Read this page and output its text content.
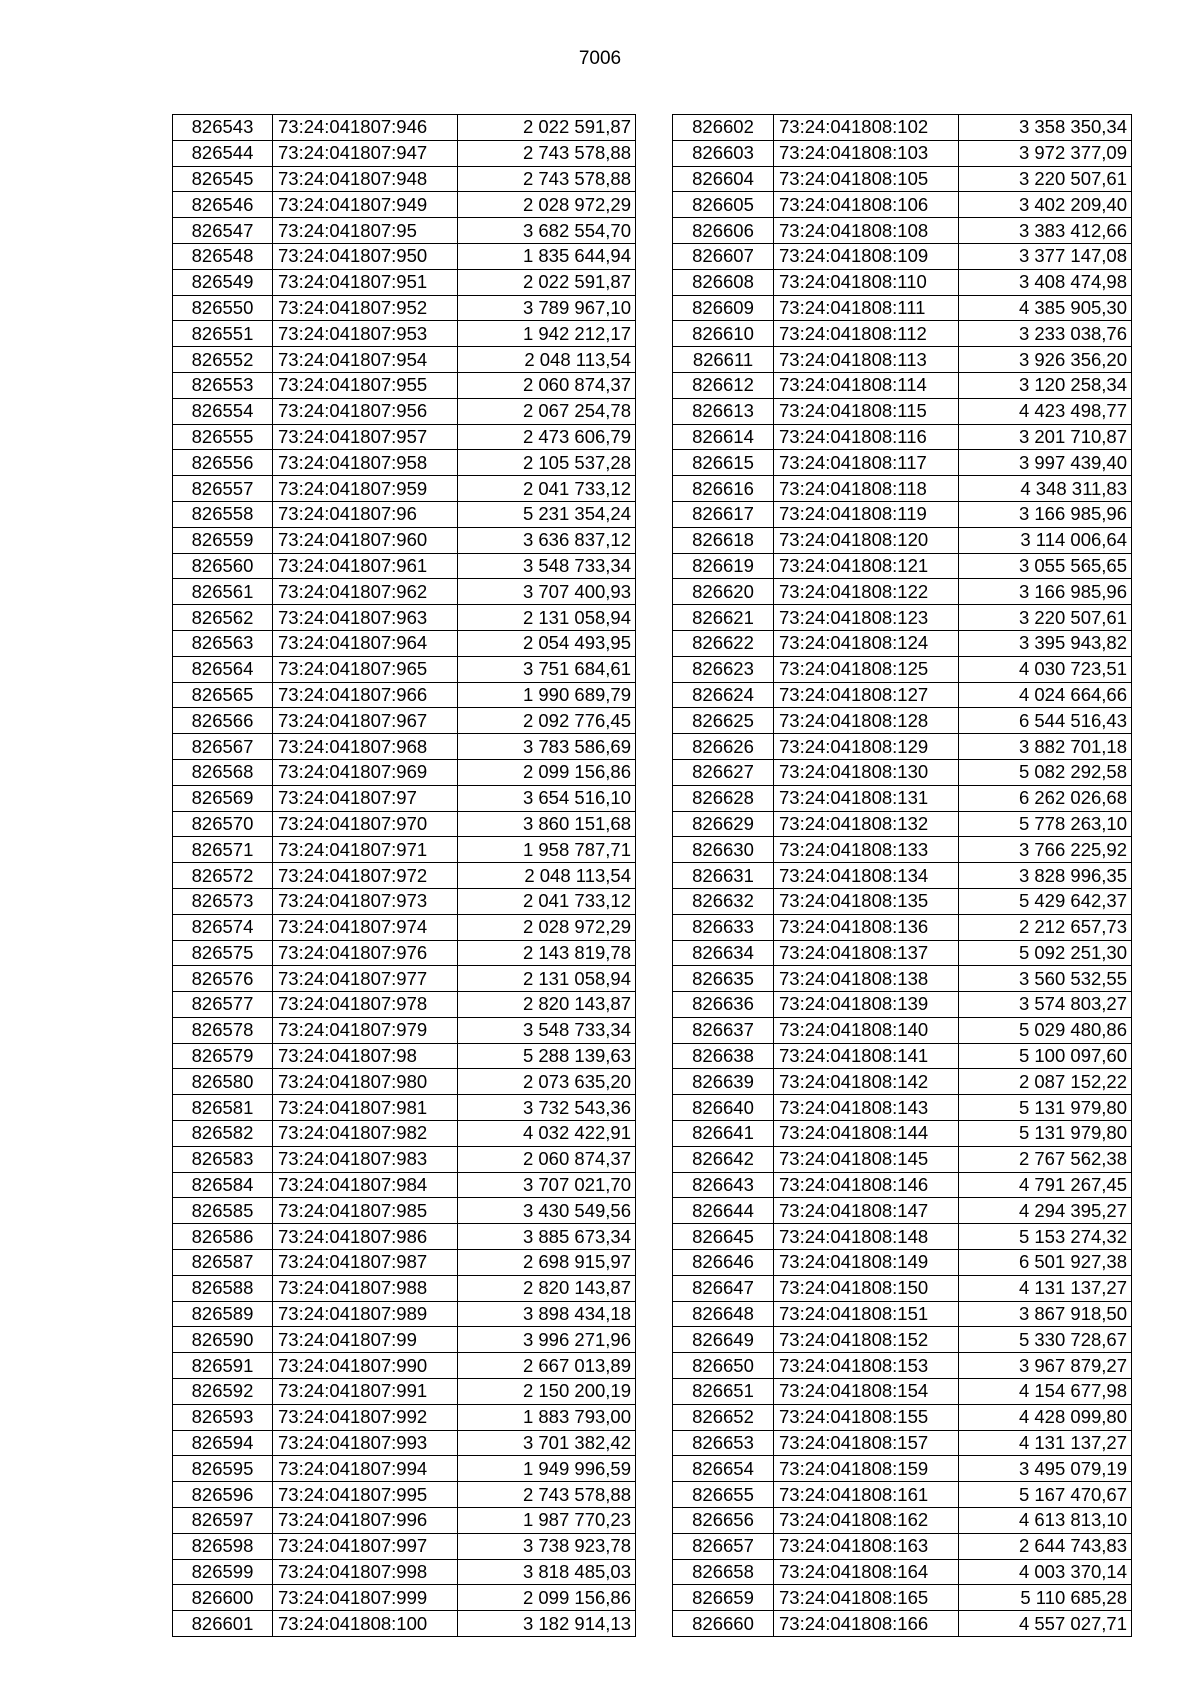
7006
826543	73:24:041807:946	2 022 591,87
826544	73:24:041807:947	2 743 578,88
826545	73:24:041807:948	2 743 578,88
826546	73:24:041807:949	2 028 972,29
826547	73:24:041807:95	3 682 554,70
826548	73:24:041807:950	1 835 644,94
826549	73:24:041807:951	2 022 591,87
826550	73:24:041807:952	3 789 967,10
826551	73:24:041807:953	1 942 212,17
826552	73:24:041807:954	2 048 113,54
826553	73:24:041807:955	2 060 874,37
826554	73:24:041807:956	2 067 254,78
826555	73:24:041807:957	2 473 606,79
826556	73:24:041807:958	2 105 537,28
826557	73:24:041807:959	2 041 733,12
826558	73:24:041807:96	5 231 354,24
826559	73:24:041807:960	3 636 837,12
826560	73:24:041807:961	3 548 733,34
826561	73:24:041807:962	3 707 400,93
826562	73:24:041807:963	2 131 058,94
826563	73:24:041807:964	2 054 493,95
826564	73:24:041807:965	3 751 684,61
826565	73:24:041807:966	1 990 689,79
826566	73:24:041807:967	2 092 776,45
826567	73:24:041807:968	3 783 586,69
826568	73:24:041807:969	2 099 156,86
826569	73:24:041807:97	3 654 516,10
826570	73:24:041807:970	3 860 151,68
826571	73:24:041807:971	1 958 787,71
826572	73:24:041807:972	2 048 113,54
826573	73:24:041807:973	2 041 733,12
826574	73:24:041807:974	2 028 972,29
826575	73:24:041807:976	2 143 819,78
826576	73:24:041807:977	2 131 058,94
826577	73:24:041807:978	2 820 143,87
826578	73:24:041807:979	3 548 733,34
826579	73:24:041807:98	5 288 139,63
826580	73:24:041807:980	2 073 635,20
826581	73:24:041807:981	3 732 543,36
826582	73:24:041807:982	4 032 422,91
826583	73:24:041807:983	2 060 874,37
826584	73:24:041807:984	3 707 021,70
826585	73:24:041807:985	3 430 549,56
826586	73:24:041807:986	3 885 673,34
826587	73:24:041807:987	2 698 915,97
826588	73:24:041807:988	2 820 143,87
826589	73:24:041807:989	3 898 434,18
826590	73:24:041807:99	3 996 271,96
826591	73:24:041807:990	2 667 013,89
826592	73:24:041807:991	2 150 200,19
826593	73:24:041807:992	1 883 793,00
826594	73:24:041807:993	3 701 382,42
826595	73:24:041807:994	1 949 996,59
826596	73:24:041807:995	2 743 578,88
826597	73:24:041807:996	1 987 770,23
826598	73:24:041807:997	3 738 923,78
826599	73:24:041807:998	3 818 485,03
826600	73:24:041807:999	2 099 156,86
826601	73:24:041808:100	3 182 914,13
826602	73:24:041808:102	3 358 350,34
826603	73:24:041808:103	3 972 377,09
826604	73:24:041808:105	3 220 507,61
826605	73:24:041808:106	3 402 209,40
826606	73:24:041808:108	3 383 412,66
826607	73:24:041808:109	3 377 147,08
826608	73:24:041808:110	3 408 474,98
826609	73:24:041808:111	4 385 905,30
826610	73:24:041808:112	3 233 038,76
826611	73:24:041808:113	3 926 356,20
826612	73:24:041808:114	3 120 258,34
826613	73:24:041808:115	4 423 498,77
826614	73:24:041808:116	3 201 710,87
826615	73:24:041808:117	3 997 439,40
826616	73:24:041808:118	4 348 311,83
826617	73:24:041808:119	3 166 985,96
826618	73:24:041808:120	3 114 006,64
826619	73:24:041808:121	3 055 565,65
826620	73:24:041808:122	3 166 985,96
826621	73:24:041808:123	3 220 507,61
826622	73:24:041808:124	3 395 943,82
826623	73:24:041808:125	4 030 723,51
826624	73:24:041808:127	4 024 664,66
826625	73:24:041808:128	6 544 516,43
826626	73:24:041808:129	3 882 701,18
826627	73:24:041808:130	5 082 292,58
826628	73:24:041808:131	6 262 026,68
826629	73:24:041808:132	5 778 263,10
826630	73:24:041808:133	3 766 225,92
826631	73:24:041808:134	3 828 996,35
826632	73:24:041808:135	5 429 642,37
826633	73:24:041808:136	2 212 657,73
826634	73:24:041808:137	5 092 251,30
826635	73:24:041808:138	3 560 532,55
826636	73:24:041808:139	3 574 803,27
826637	73:24:041808:140	5 029 480,86
826638	73:24:041808:141	5 100 097,60
826639	73:24:041808:142	2 087 152,22
826640	73:24:041808:143	5 131 979,80
826641	73:24:041808:144	5 131 979,80
826642	73:24:041808:145	2 767 562,38
826643	73:24:041808:146	4 791 267,45
826644	73:24:041808:147	4 294 395,27
826645	73:24:041808:148	5 153 274,32
826646	73:24:041808:149	6 501 927,38
826647	73:24:041808:150	4 131 137,27
826648	73:24:041808:151	3 867 918,50
826649	73:24:041808:152	5 330 728,67
826650	73:24:041808:153	3 967 879,27
826651	73:24:041808:154	4 154 677,98
826652	73:24:041808:155	4 428 099,80
826653	73:24:041808:157	4 131 137,27
826654	73:24:041808:159	3 495 079,19
826655	73:24:041808:161	5 167 470,67
826656	73:24:041808:162	4 613 813,10
826657	73:24:041808:163	2 644 743,83
826658	73:24:041808:164	4 003 370,14
826659	73:24:041808:165	5 110 685,28
826660	73:24:041808:166	4 557 027,71
